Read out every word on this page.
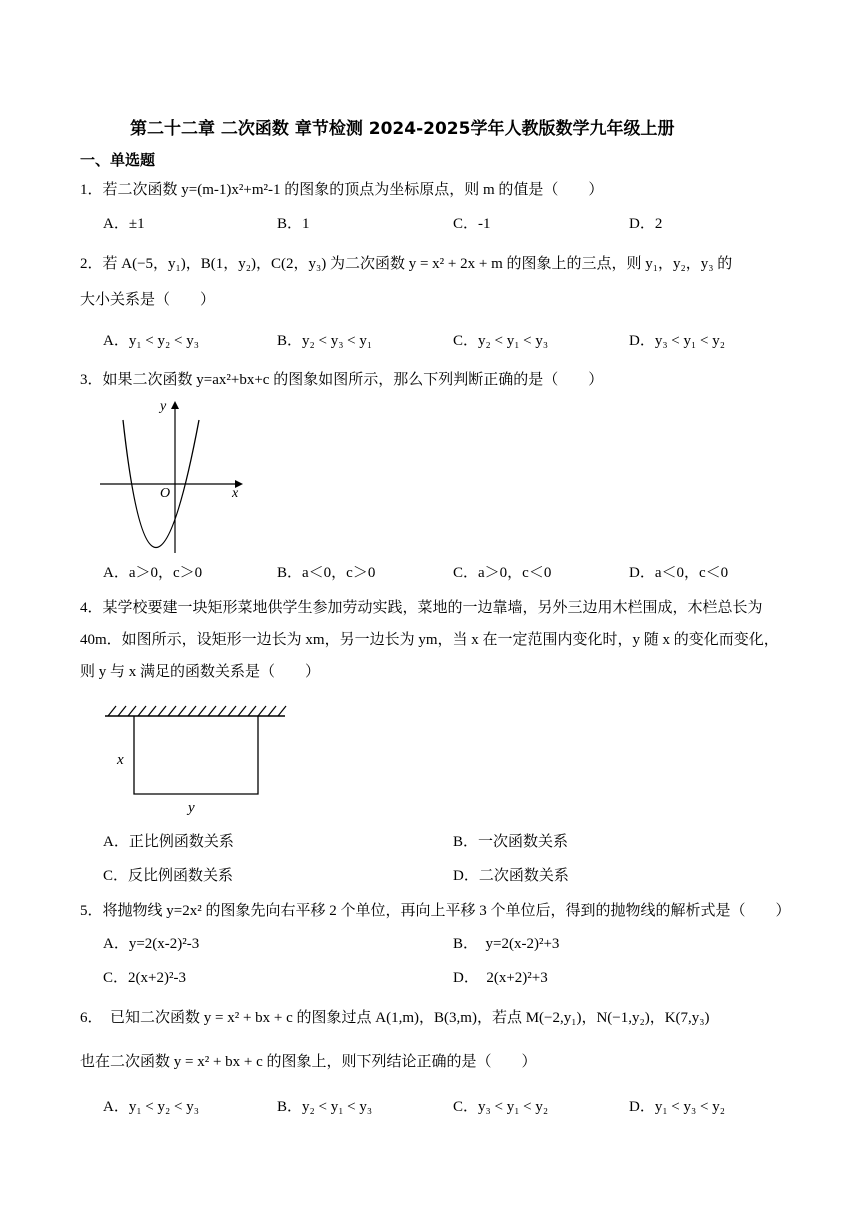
第二十二章 二次函数 章节检测 2024-2025学年人教版数学九年级上册
一、单选题
1．若二次函数 y=(m-1)x²+m²-1 的图象的顶点为坐标原点，则 m 的值是（　　）
A．±1	B．1	C．-1	D．2
2．若 A(−5，y₁)，B(1，y₂)，C(2，y₃) 为二次函数 y = x² + 2x + m 的图象上的三点，则 y₁，y₂，y₃ 的
大小关系是（　　）
A．y₁ < y₂ < y₃	B．y₂ < y₃ < y₁	C．y₂ < y₁ < y₃	D．y₃ < y₁ < y₂
3．如果二次函数 y=ax²+bx+c 的图象如图所示，那么下列判断正确的是（　　）
y
x
O
A．a＞0，c＞0	B．a＜0，c＞0	C．a＞0，c＜0	D．a＜0，c＜0
4．某学校要建一块矩形菜地供学生参加劳动实践，菜地的一边靠墙，另外三边用木栏围成，木栏总长为
40m．如图所示，设矩形一边长为 xm，另一边长为 ym，当 x 在一定范围内变化时，y 随 x 的变化而变化，
则 y 与 x 满足的函数关系是（　　）
x
y
A．正比例函数关系	B．一次函数关系
C．反比例函数关系	D．二次函数关系
5．将抛物线 y=2x² 的图象先向右平移 2 个单位，再向上平移 3 个单位后，得到的抛物线的解析式是（　　）
A．y=2(x-2)²-3	B．　y=2(x-2)²+3
C．2(x+2)²-3	D．　2(x+2)²+3
6．　已知二次函数 y = x² + bx + c 的图象过点 A(1,m)，B(3,m)，若点 M(−2,y₁)，N(−1,y₂)，K(7,y₃)
也在二次函数 y = x² + bx + c 的图象上，则下列结论正确的是（　　）
A．y₁ < y₂ < y₃	B．y₂ < y₁ < y₃	C．y₃ < y₁ < y₂	D．y₁ < y₃ < y₂
